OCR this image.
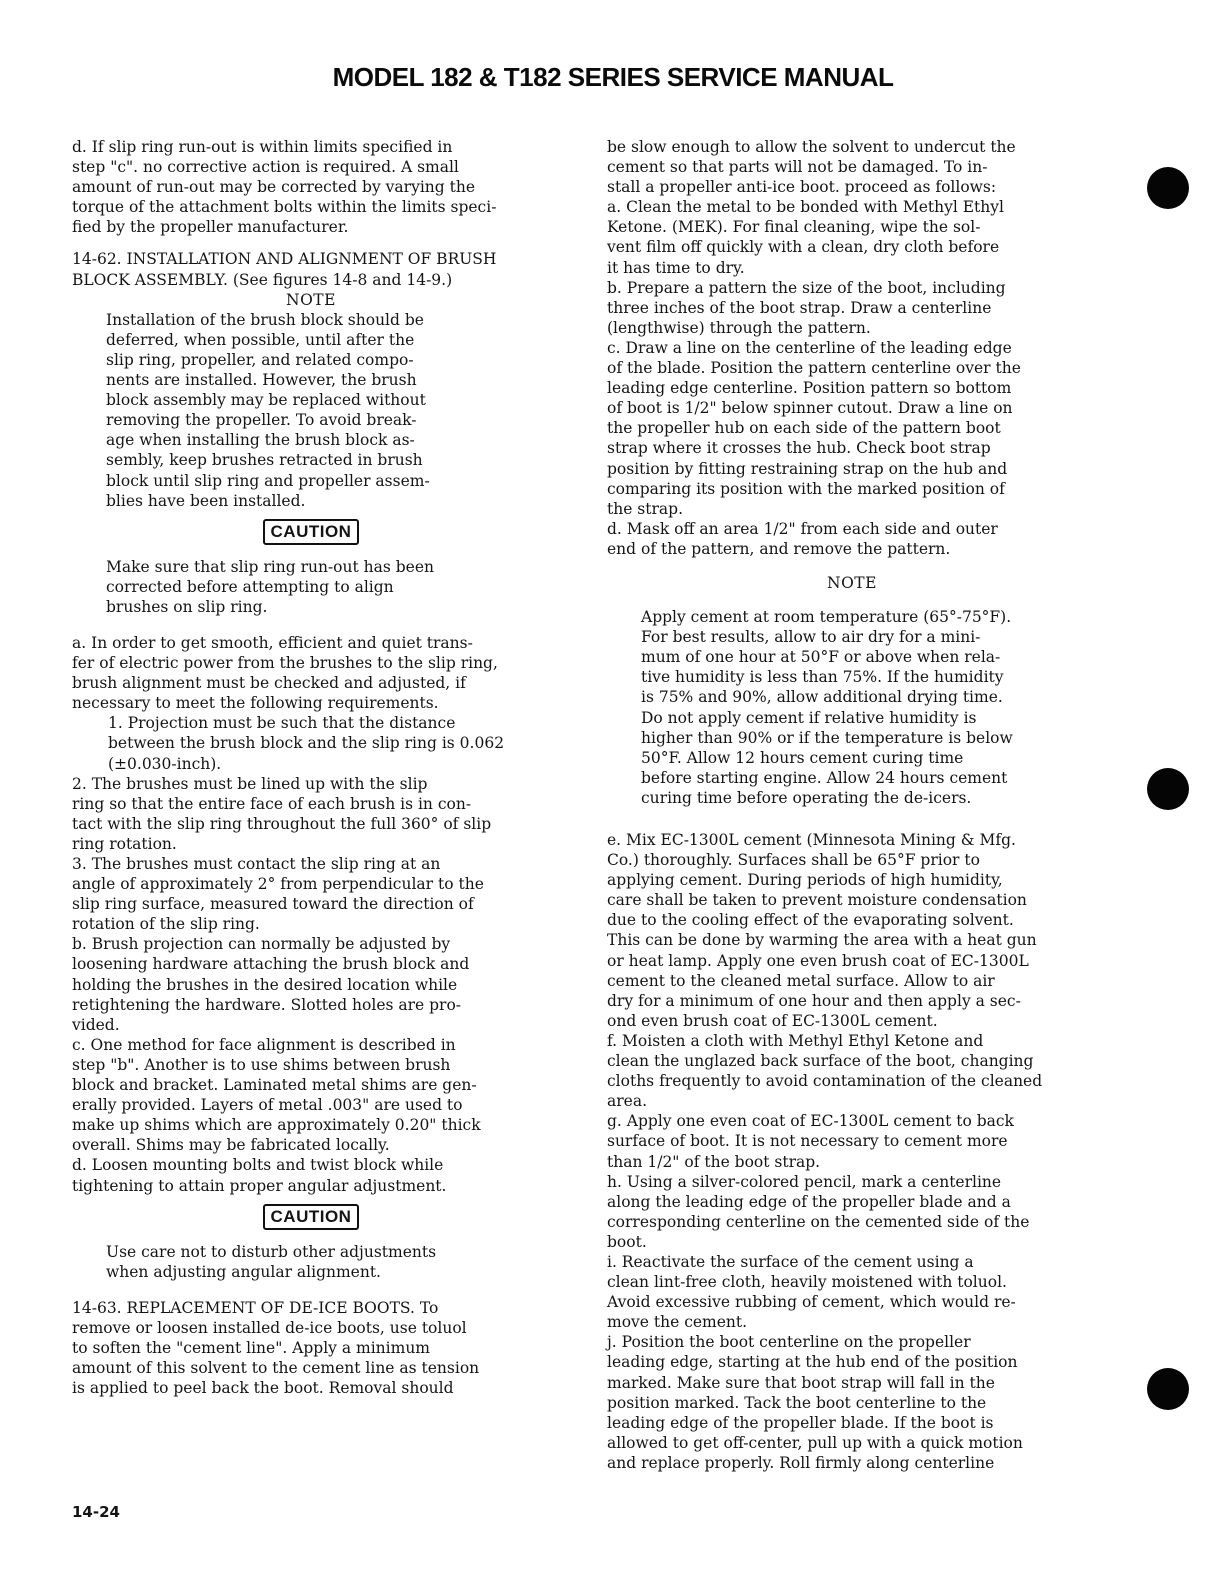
MODEL 182 & T182 SERIES SERVICE MANUAL

d. If slip ring run-out is within limits specified in
step "c". no corrective action is required. A small
amount of run-out may be corrected by varying the
torque of the attachment bolts within the limits speci-
fied by the propeller manufacturer.

14-62. INSTALLATION AND ALIGNMENT OF BRUSH
BLOCK ASSEMBLY. (See figures 14-8 and 14-9.)

NOTE

Installation of the brush block should be
deferred, when possible, until after the
slip ring, propeller, and related compo-
nents are installed. However, the brush
block assembly may be replaced without
removing the propeller. To avoid break-
age when installing the brush block as-
sembly, keep brushes retracted in brush
block until slip ring and propeller assem-
blies have been installed.

CAUTION

Make sure that slip ring run-out has been
corrected before attempting to align
brushes on slip ring.

a. In order to get smooth, efficient and quiet trans-
fer of electric power from the brushes to the slip ring,
brush alignment must be checked and adjusted, if
necessary to meet the following requirements.

1. Projection must be such that the distance
between the brush block and the slip ring is 0.062
(±0.030-inch).

2. The brushes must be lined up with the slip
ring so that the entire face of each brush is in con-
tact with the slip ring throughout the full 360° of slip
ring rotation.

3. The brushes must contact the slip ring at an
angle of approximately 2° from perpendicular to the
slip ring surface, measured toward the direction of
rotation of the slip ring.

b. Brush projection can normally be adjusted by
loosening hardware attaching the brush block and
holding the brushes in the desired location while
retightening the hardware. Slotted holes are pro-
vided.

c. One method for face alignment is described in
step "b". Another is to use shims between brush
block and bracket. Laminated metal shims are gen-
erally provided. Layers of metal .003" are used to
make up shims which are approximately 0.20" thick
overall. Shims may be fabricated locally.

d. Loosen mounting bolts and twist block while
tightening to attain proper angular adjustment.

CAUTION

Use care not to disturb other adjustments
when adjusting angular alignment.

14-63. REPLACEMENT OF DE-ICE BOOTS. To
remove or loosen installed de-ice boots, use toluol
to soften the "cement line". Apply a minimum
amount of this solvent to the cement line as tension
is applied to peel back the boot. Removal should

be slow enough to allow the solvent to undercut the
cement so that parts will not be damaged. To in-
stall a propeller anti-ice boot. proceed as follows:

a. Clean the metal to be bonded with Methyl Ethyl
Ketone. (MEK). For final cleaning, wipe the sol-
vent film off quickly with a clean, dry cloth before
it has time to dry.

b. Prepare a pattern the size of the boot, including
three inches of the boot strap. Draw a centerline
(lengthwise) through the pattern.

c. Draw a line on the centerline of the leading edge
of the blade. Position the pattern centerline over the
leading edge centerline. Position pattern so bottom
of boot is 1/2" below spinner cutout. Draw a line on
the propeller hub on each side of the pattern boot
strap where it crosses the hub. Check boot strap
position by fitting restraining strap on the hub and
comparing its position with the marked position of
the strap.

d. Mask off an area 1/2" from each side and outer
end of the pattern, and remove the pattern.

NOTE

Apply cement at room temperature (65°-75°F).
For best results, allow to air dry for a mini-
mum of one hour at 50°F or above when rela-
tive humidity is less than 75%. If the humidity
is 75% and 90%, allow additional drying time.
Do not apply cement if relative humidity is
higher than 90% or if the temperature is below
50°F. Allow 12 hours cement curing time
before starting engine. Allow 24 hours cement
curing time before operating the de-icers.

e. Mix EC-1300L cement (Minnesota Mining & Mfg.
Co.) thoroughly. Surfaces shall be 65°F prior to
applying cement. During periods of high humidity,
care shall be taken to prevent moisture condensation
due to the cooling effect of the evaporating solvent.
This can be done by warming the area with a heat gun
or heat lamp. Apply one even brush coat of EC-1300L
cement to the cleaned metal surface. Allow to air
dry for a minimum of one hour and then apply a sec-
ond even brush coat of EC-1300L cement.

f. Moisten a cloth with Methyl Ethyl Ketone and
clean the unglazed back surface of the boot, changing
cloths frequently to avoid contamination of the cleaned
area.

g. Apply one even coat of EC-1300L cement to back
surface of boot. It is not necessary to cement more
than 1/2" of the boot strap.

h. Using a silver-colored pencil, mark a centerline
along the leading edge of the propeller blade and a
corresponding centerline on the cemented side of the
boot.

i. Reactivate the surface of the cement using a
clean lint-free cloth, heavily moistened with toluol.
Avoid excessive rubbing of cement, which would re-
move the cement.

j. Position the boot centerline on the propeller
leading edge, starting at the hub end of the position
marked. Make sure that boot strap will fall in the
position marked. Tack the boot centerline to the
leading edge of the propeller blade. If the boot is
allowed to get off-center, pull up with a quick motion
and replace properly. Roll firmly along centerline

14-24
